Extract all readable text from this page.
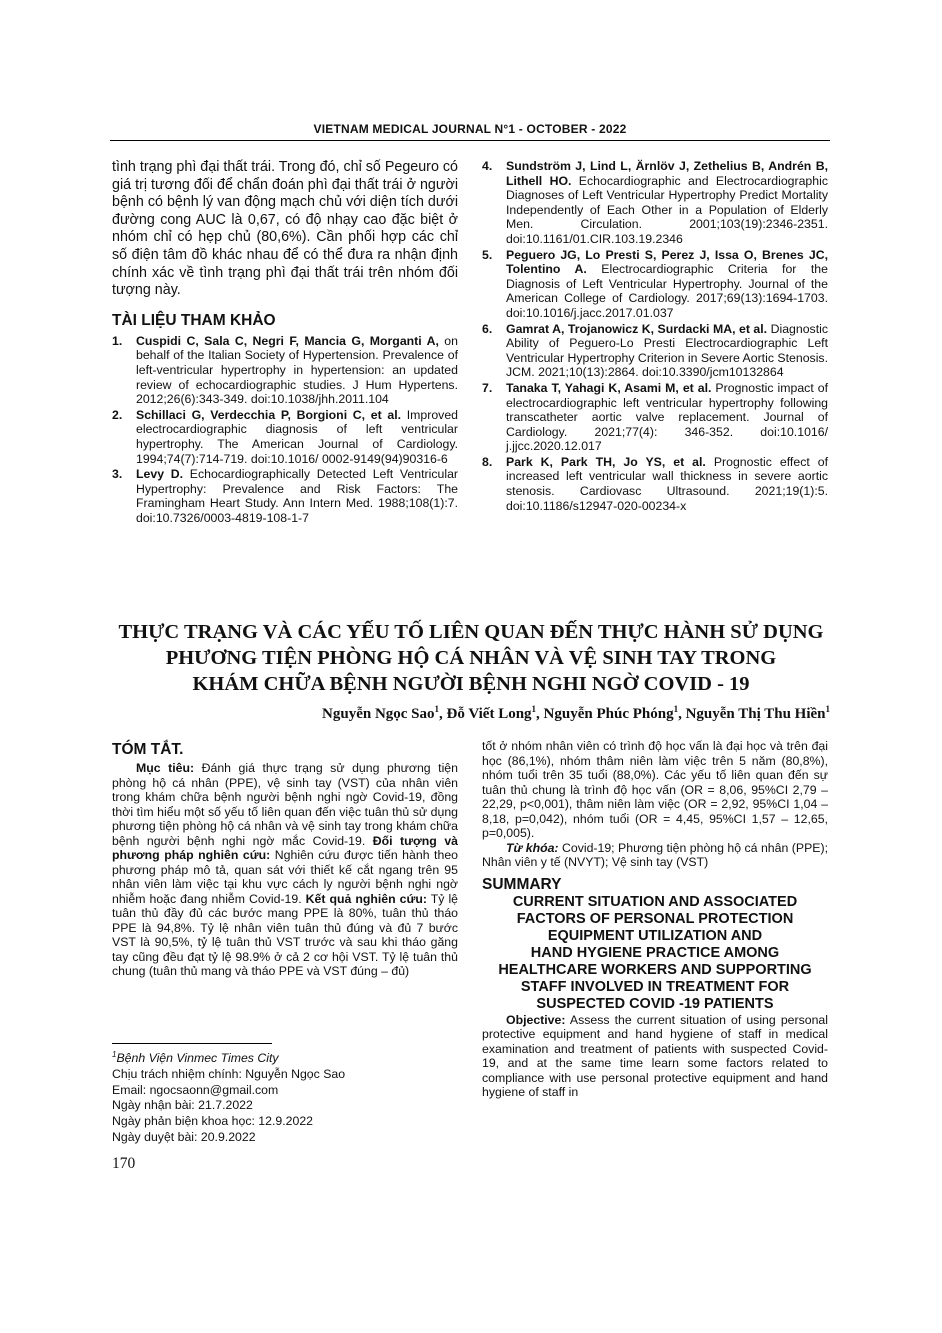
VIETNAM MEDICAL JOURNAL N°1 - OCTOBER - 2022
tình trạng phì đại thất trái. Trong đó, chỉ số Pegeuro có giá trị tương đối để chẩn đoán phì đại thất trái ở người bệnh có bệnh lý van động mạch chủ với diện tích dưới đường cong AUC là 0,67, có độ nhạy cao đặc biệt ở nhóm chỉ có hẹp chủ (80,6%). Cần phối hợp các chỉ số điện tâm đồ khác nhau để có thể đưa ra nhận định chính xác về tình trạng phì đại thất trái trên nhóm đối tượng này.
TÀI LIỆU THAM KHẢO
1. Cuspidi C, Sala C, Negri F, Mancia G, Morganti A, on behalf of the Italian Society of Hypertension. Prevalence of left-ventricular hypertrophy in hypertension: an updated review of echocardiographic studies. J Hum Hypertens. 2012;26(6):343-349. doi:10.1038/jhh.2011.104
2. Schillaci G, Verdecchia P, Borgioni C, et al. Improved electrocardiographic diagnosis of left ventricular hypertrophy. The American Journal of Cardiology. 1994;74(7):714-719. doi:10.1016/ 0002-9149(94)90316-6
3. Levy D. Echocardiographically Detected Left Ventricular Hypertrophy: Prevalence and Risk Factors: The Framingham Heart Study. Ann Intern Med. 1988;108(1):7. doi:10.7326/0003-4819-108-1-7
4. Sundström J, Lind L, Ärnlöv J, Zethelius B, Andrén B, Lithell HO. Echocardiographic and Electrocardiographic Diagnoses of Left Ventricular Hypertrophy Predict Mortality Independently of Each Other in a Population of Elderly Men. Circulation. 2001;103(19):2346-2351. doi:10.1161/01.CIR.103.19.2346
5. Peguero JG, Lo Presti S, Perez J, Issa O, Brenes JC, Tolentino A. Electrocardiographic Criteria for the Diagnosis of Left Ventricular Hypertrophy. Journal of the American College of Cardiology. 2017;69(13):1694-1703. doi:10.1016/j.jacc.2017.01.037
6. Gamrat A, Trojanowicz K, Surdacki MA, et al. Diagnostic Ability of Peguero-Lo Presti Electrocardiographic Left Ventricular Hypertrophy Criterion in Severe Aortic Stenosis. JCM. 2021;10(13):2864. doi:10.3390/jcm10132864
7. Tanaka T, Yahagi K, Asami M, et al. Prognostic impact of electrocardiographic left ventricular hypertrophy following transcatheter aortic valve replacement. Journal of Cardiology. 2021;77(4): 346-352. doi:10.1016/ j.jjcc.2020.12.017
8. Park K, Park TH, Jo YS, et al. Prognostic effect of increased left ventricular wall thickness in severe aortic stenosis. Cardiovasc Ultrasound. 2021;19(1):5. doi:10.1186/s12947-020-00234-x
THỰC TRẠNG VÀ CÁC YẾU TỐ LIÊN QUAN ĐẾN THỰC HÀNH SỬ DỤNG
PHƯƠNG TIỆN PHÒNG HỘ CÁ NHÂN VÀ VỆ SINH TAY TRONG
KHÁM CHỮA BỆNH NGƯỜI BỆNH NGHI NGỜ COVID - 19
Nguyễn Ngọc Sao$^1$, Đỗ Viết Long$^1$, Nguyễn Phúc Phóng$^1$, Nguyễn Thị Thu Hiền$^1$
TÓM TẮT.
Mục tiêu: Đánh giá thực trạng sử dụng phương tiện phòng hộ cá nhân (PPE), vệ sinh tay (VST) của nhân viên trong khám chữa bệnh người bệnh nghi ngờ Covid-19, đồng thời tìm hiểu một số yếu tố liên quan đến việc tuân thủ sử dụng phương tiện phòng hộ cá nhân và vệ sinh tay trong khám chữa bệnh người bệnh nghi ngờ mắc Covid-19. Đối tượng và phương pháp nghiên cứu: Nghiên cứu được tiến hành theo phương pháp mô tả, quan sát với thiết kế cắt ngang trên 95 nhân viên làm việc tại khu vực cách ly người bệnh nghi ngờ nhiễm hoặc đang nhiễm Covid-19. Kết quả nghiên cứu: Tỷ lệ tuân thủ đầy đủ các bước mang PPE là 80%, tuân thủ tháo PPE là 94,8%. Tỷ lệ nhân viên tuân thủ đúng và đủ 7 bước VST là 90,5%, tỷ lệ tuân thủ VST trước và sau khi tháo găng tay cũng đều đạt tỷ lệ 98.9% ở cả 2 cơ hội VST. Tỷ lệ tuân thủ chung (tuân thủ mang và tháo PPE và VST đúng – đủ)
tốt ở nhóm nhân viên có trình độ học vấn là đại học và trên đại học (86,1%), nhóm thâm niên làm việc trên 5 năm (80,8%), nhóm tuổi trên 35 tuổi (88,0%). Các yếu tố liên quan đến sự tuân thủ chung là trình độ học vấn (OR = 8,06, 95%CI 2,79 – 22,29, p<0,001), thâm niên làm việc (OR = 2,92, 95%CI 1,04 – 8,18, p=0,042), nhóm tuổi (OR = 4,45, 95%CI 1,57 – 12,65, p=0,005).
Từ khóa: Covid-19; Phương tiện phòng hộ cá nhân (PPE); Nhân viên y tế (NVYT); Vệ sinh tay (VST)
SUMMARY
CURRENT SITUATION AND ASSOCIATED
FACTORS OF PERSONAL PROTECTION
EQUIPMENT UTILIZATION AND
HAND HYGIENE PRACTICE AMONG
HEALTHCARE WORKERS AND SUPPORTING
STAFF INVOLVED IN TREATMENT FOR
SUSPECTED COVID -19 PATIENTS
Objective: Assess the current situation of using personal protective equipment and hand hygiene of staff in medical examination and treatment of patients with suspected Covid-19, and at the same time learn some factors related to compliance with use personal protective equipment and hand hygiene of staff in
$^1$Bệnh Viện Vinmec Times City
Chịu trách nhiệm chính: Nguyễn Ngọc Sao
Email: ngocsaonn@gmail.com
Ngày nhận bài: 21.7.2022
Ngày phản biện khoa học: 12.9.2022
Ngày duyệt bài: 20.9.2022
170
